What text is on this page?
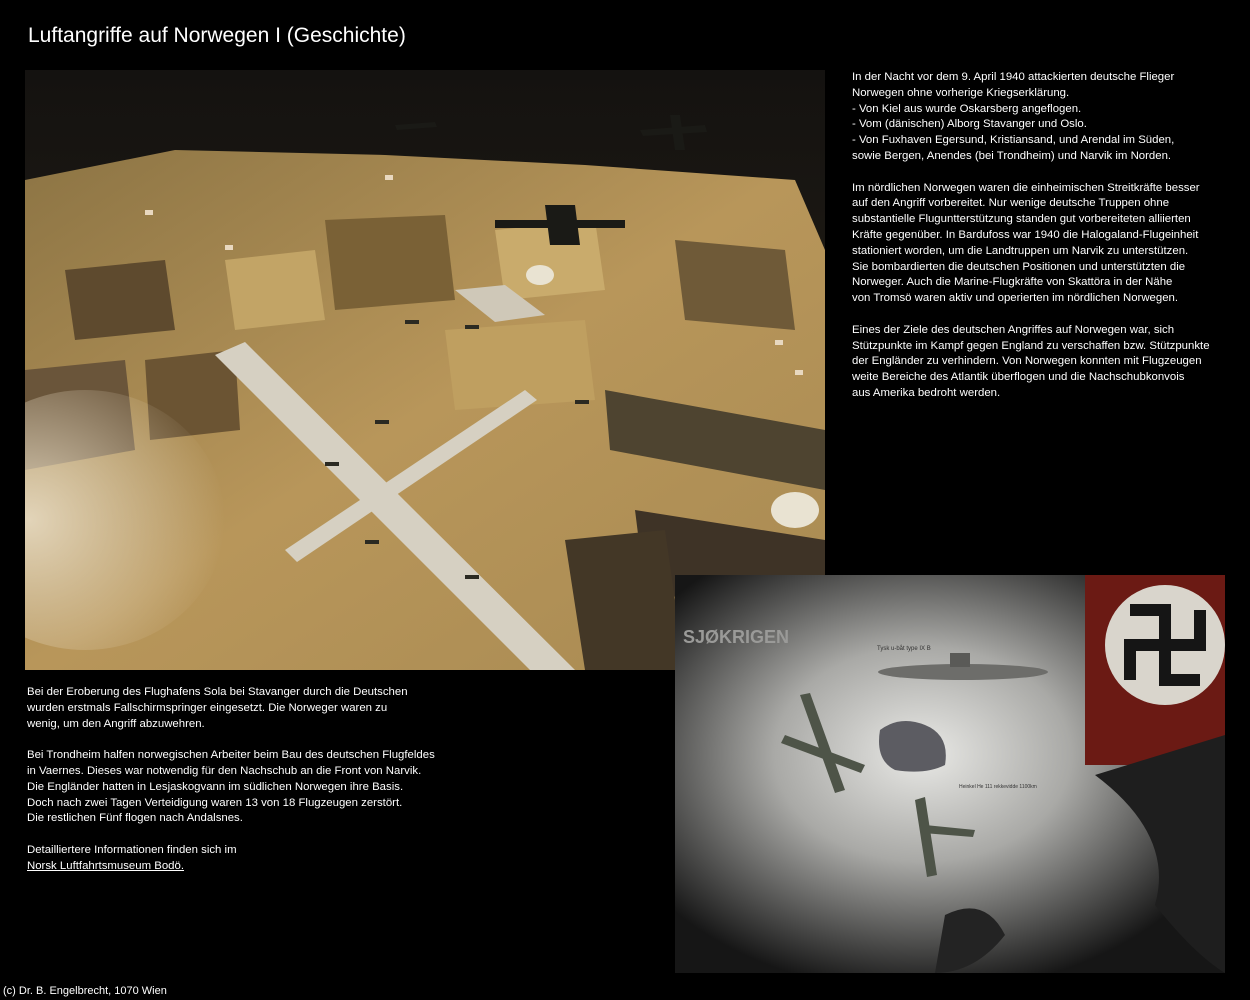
Luftangriffe auf Norwegen I (Geschichte)

In der Nacht vor dem 9. April 1940 attackierten deutsche Flieger
Norwegen ohne vorherige Kriegserklärung.
- Von Kiel aus wurde Oskarsberg angeflogen.
- Vom (dänischen) Alborg Stavanger und Oslo.
- Von Fuxhaven Egersund, Kristiansand, und Arendal im Süden,
sowie Bergen, Anendes (bei Trondheim) und Narvik im Norden.

Im nördlichen Norwegen waren die einheimischen Streitkräfte besser
auf den Angriff vorbereitet. Nur wenige deutsche Truppen ohne
substantielle Fluguntterstützung standen gut vorbereiteten alliierten
Kräfte gegenüber. In Bardufoss war 1940 die Halogaland-Flugeinheit
stationiert worden, um die Landtruppen um Narvik zu unterstützen.
Sie bombardierten die deutschen Positionen und unterstützten die
Norweger. Auch die Marine-Flugkräfte von Skattöra in der Nähe
von Tromsö waren aktiv und operierten im nördlichen Norwegen.

Eines der Ziele des deutschen Angriffes auf Norwegen war, sich
Stützpunkte im Kampf gegen England zu verschaffen bzw. Stützpunkte
der Engländer zu verhindern. Von Norwegen konnten mit Flugzeugen
weite Bereiche des Atlantik überflogen und die Nachschubkonvois
aus Amerika bedroht werden.

Bei der Eroberung des Flughafens Sola bei Stavanger durch die Deutschen
wurden erstmals Fallschirmspringer eingesetzt. Die Norweger waren zu
wenig, um den Angriff abzuwehren.

Bei Trondheim halfen norwegischen Arbeiter beim Bau des deutschen Flugfeldes
in Vaernes. Dieses war notwendig für den Nachschub an die Front von Narvik.
Die Engländer hatten in Lesjaskogvann im südlichen Norwegen ihre Basis.
Doch nach zwei Tagen Verteidigung waren 13 von 18 Flugzeugen zerstört.
Die restlichen Fünf flogen nach Andalsnes.

Detailliertere Informationen finden sich im
Norsk Luftfahrtsmuseum Bodö.
SJØKRIGEN
Tysk u-båt type IX B
Heinkel He 111 rekkevidde 1100km
(c) Dr. B. Engelbrecht, 1070 Wien
